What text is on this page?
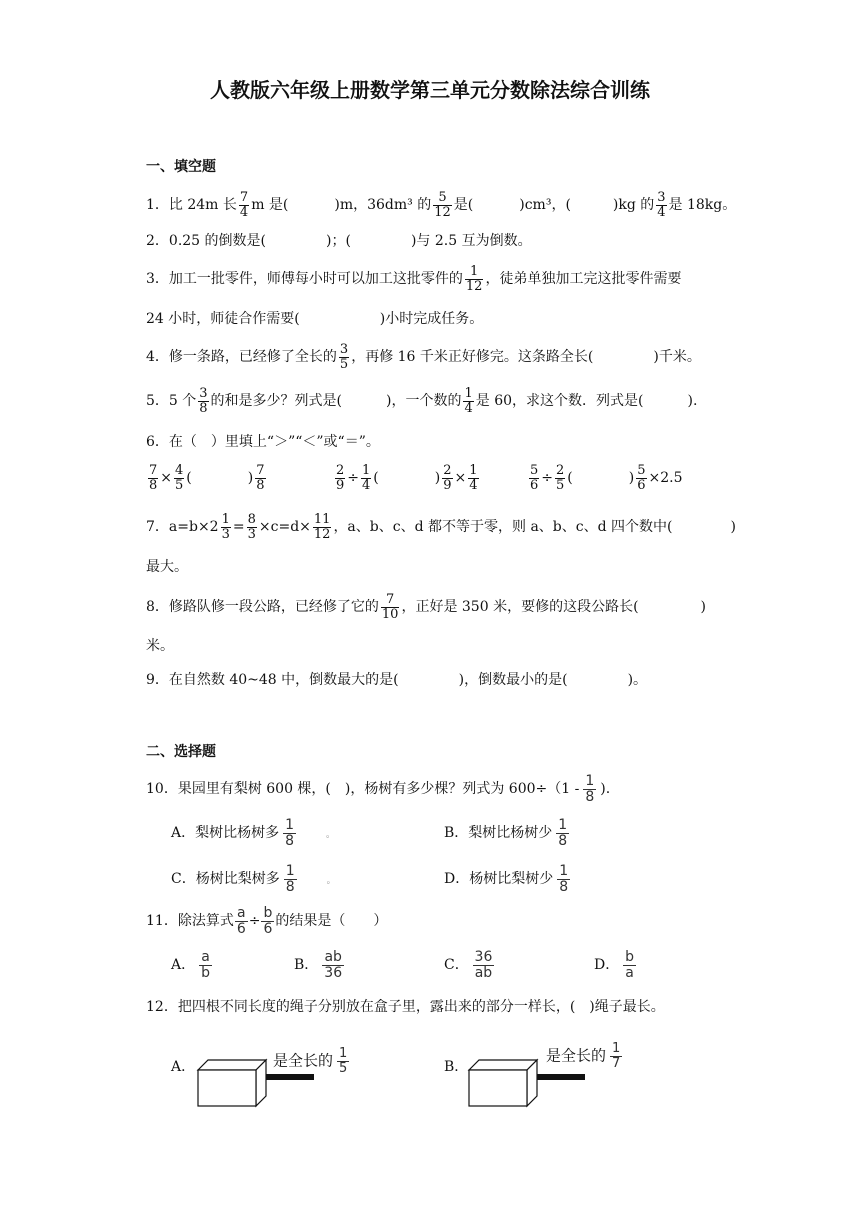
人教版六年级上册数学第三单元分数除法综合训练
一、填空题
1．比 24m 长 $\frac{7}{4}$ m 是(	)m，36dm³ 的 $\frac{5}{12}$ 是(	)cm³，(	)kg 的 $\frac{3}{4}$ 是 18kg。
2．0.25 的倒数是(	)；(	)与 2.5 互为倒数。
3．加工一批零件，师傅每小时可以加工这批零件的 $\frac{1}{12}$ ，徒弟单独加工完这批零件需要
24 小时，师徒合作需要(	)小时完成任务。
4．修一条路，已经修了全长的 $\frac{3}{5}$ ，再修 16 千米正好修完。这条路全长(	)千米。
5．5 个 $\frac{3}{8}$ 的和是多少？列式是(	)，一个数的 $\frac{1}{4}$ 是 60，求这个数．列式是(	).
6．在（　）里填上“＞”“＜”或“＝”。
$\frac{7}{8} \times \frac{4}{5}$ (	) $\frac{7}{8}$	$\frac{2}{9} \div \frac{1}{4}$ (	) $\frac{2}{9} \times \frac{1}{4}$	$\frac{5}{6} \div \frac{2}{5}$ (	) $\frac{5}{6} \times 2.5$
7．$a=b\times 2 \frac{1}{3} = \frac{8}{3} \times c=d\times \frac{11}{12}$ ，a、b、c、d 都不等于零，则 a、b、c、d 四个数中(	)
最大。
8．修路队修一段公路，已经修了它的 $\frac{7}{10}$ ，正好是 350 米，要修的这段公路长(	)
米。
9．在自然数 40~48 中，倒数最大的是(	)，倒数最小的是(	)。
二、选择题
10．果园里有梨树 600 棵，(　)，杨树有多少棵？列式为 $600\div(1 - \frac{1}{8}$ ).
A．梨树比杨树多 $\frac{1}{8}$	。	B．梨树比杨树少 $\frac{1}{8}$
C．杨树比梨树多 $\frac{1}{8}$	。	D．杨树比梨树少 $\frac{1}{8}$
11．除法算式 $\frac{a}{6} \div \frac{b}{6}$ 的结果是（　　）
A． $\frac{a}{b}$	B． $\frac{ab}{36}$	C． $\frac{36}{ab}$	D． $\frac{b}{a}$
12．把四根不同长度的绳子分别放在盒子里，露出来的部分一样长，(　)绳子最长。
A．	是全长的 $\frac{1}{5}$	B．
是全长的 $\frac{1}{7}$
